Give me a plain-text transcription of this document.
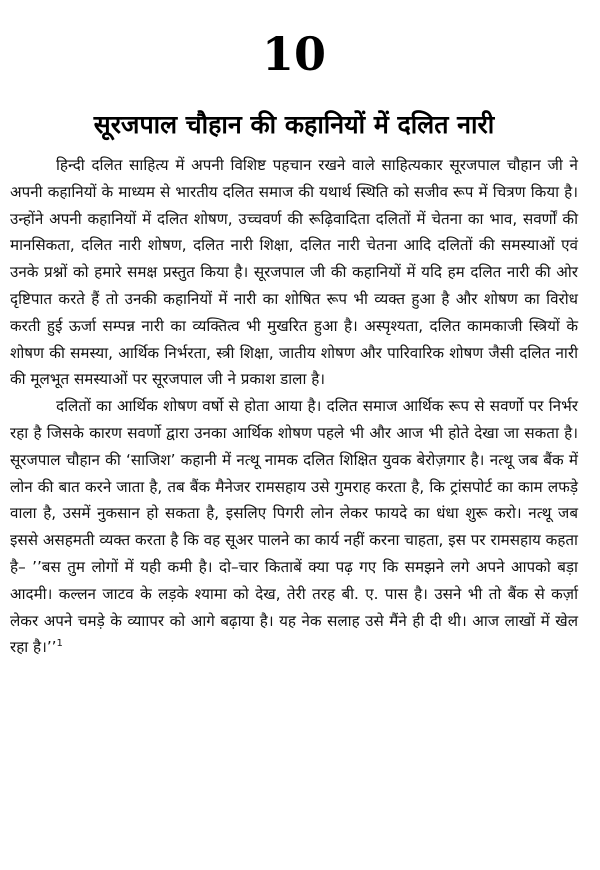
10
सूरजपाल चौहान की कहानियों में दलित नारी

हिन्दी दलित साहित्य में अपनी विशिष्ट पहचान रखने वाले साहित्यकार सूरजपाल चौहान जी ने अपनी कहानियों के माध्यम से भारतीय दलित समाज की यथार्थ स्थिति को सजीव रूप में चित्रण किया है। उन्होंने अपनी कहानियों में दलित शोषण, उच्चवर्ण की रूढ़िवादिता दलितों में चेतना का भाव, सवर्णों की मानसिकता, दलित नारी शोषण, दलित नारी शिक्षा, दलित नारी चेतना आदि दलितों की समस्याओं एवं उनके प्रश्नों को हमारे समक्ष प्रस्तुत किया है। सूरजपाल जी की कहानियों में यदि हम दलित नारी की ओर दृष्टिपात करते हैं तो उनकी कहानियों में नारी का शोषित रूप भी व्यक्त हुआ है और शोषण का विरोध करती हुई ऊर्जा सम्पन्न नारी का व्यक्तित्व भी मुखरित हुआ है। अस्पृश्यता, दलित कामकाजी स्त्रियों के शोषण की समस्या, आर्थिक निर्भरता, स्त्री शिक्षा, जातीय शोषण और पारिवारिक शोषण जैसी दलित नारी की मूलभूत समस्याओं पर सूरजपाल जी ने प्रकाश डाला है।

दलितों का आर्थिक शोषण वर्षो से होता आया है। दलित समाज आर्थिक रूप से सवर्णो पर निर्भर रहा है जिसके कारण सवर्णो द्वारा उनका आर्थिक शोषण पहले भी और आज भी होते देखा जा सकता है। सूरजपाल चौहान की ‘साजिश’ कहानी में नत्थू नामक दलित शिक्षित युवक बेरोज़गार है। नत्थू जब बैंक में लोन की बात करने जाता है, तब बैंक मैनेजर रामसहाय उसे गुमराह करता है, कि ट्रांसपोर्ट का काम लफड़े वाला है, उसमें नुकसान हो सकता है, इसलिए पिगरी लोन लेकर फायदे का धंधा शुरू करो। नत्थू जब इससे असहमती व्यक्त करता है कि वह सूअर पालने का कार्य नहीं करना चाहता, इस पर रामसहाय कहता है– ’’बस तुम लोगों में यही कमी है। दो–चार किताबें क्या पढ़ गए कि समझने लगे अपने आपको बड़ा आदमी। कल्लन जाटव के लड़के श्यामा को देख, तेरी तरह बी. ए. पास है। उसने भी तो बैंक से कर्ज़ा लेकर अपने चमड़े के व्याापर को आगे बढ़ाया है। यह नेक सलाह उसे मैंने ही दी थी। आज लाखों में खेल रहा है।’’$^1$
